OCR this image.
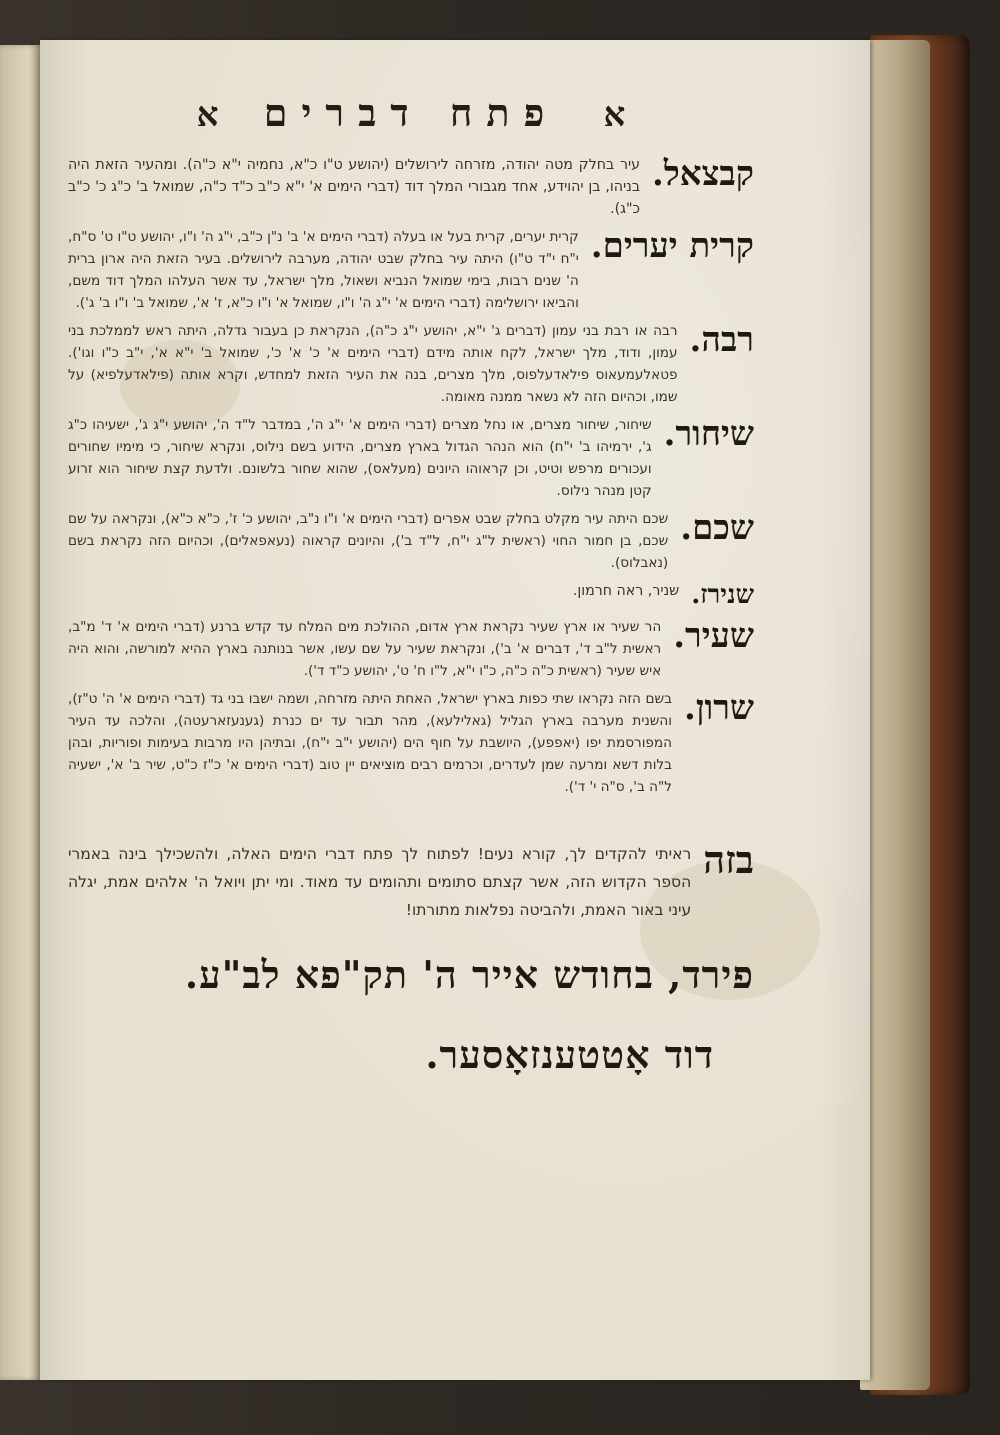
א פתח דברים א
קבצאל.
עיר בחלק מטה יהודה, מזרחה לירושלים (יהושע ט"ו כ"א, נחמיה י"א כ"ה). ומהעיר הזאת היה בניהו, בן יהוידע, אחד מגבורי המלך דוד (דברי הימים א' י"א כ"ב כ"ד כ"ה, שמואל ב' כ"ג כ' כ"ב כ"ג).
קרית יערים.
קרית יערים, קרית בעל או בעלה (דברי הימים א' ב' נ"ן כ"ב, י"ג ה' ו"ו, יהושע ט"ו ט' ס"ח, י"ח י"ד ט"ו) היתה עיר בחלק שבט יהודה, מערבה לירושלים. בעיר הזאת היה ארון ברית ה' שנים רבות, בימי שמואל הנביא ושאול, מלך ישראל, עד אשר העלהו המלך דוד משם, והביאו ירושלימה (דברי הימים א' י"ג ה' ו"ו, שמואל א' ו"ו כ"א, ז' א', שמואל ב' ו"ו ב' ג').
רבה.
רבה או רבת בני עמון (דברים ג' י"א, יהושע י"ג כ"ה), הנקראת כן בעבור גדלה, היתה ראש לממלכת בני עמון, ודוד, מלך ישראל, לקח אותה מידם (דברי הימים א' כ' א' כ', שמואל ב' י"א א', י"ב כ"ו וגו'). פטאלעמעאוס פילאדעלפוס, מלך מצרים, בנה את העיר הזאת למחדש, וקרא אותה (פילאדעלפיא) על שמו, וכהיום הזה לא נשאר ממנה מאומה.
שיחור.
שיחור, שיחור מצרים, או נחל מצרים (דברי הימים א' י"ג ה', במדבר ל"ד ה', יהושע י"ג ג', ישעיהו כ"ג ג', ירמיהו ב' י"ח) הוא הנהר הגדול בארץ מצרים, הידוע בשם נילוס, ונקרא שיחור, כי מימיו שחורים ועכורים מרפש וטיט, וכן קראוהו היונים (מעלאס), שהוא שחור בלשונם. ולדעת קצת שיחור הוא זרוע קטן מנהר נילוס.
שכם.
שכם היתה עיר מקלט בחלק שבט אפרים (דברי הימים א' ו"ו נ"ב, יהושע כ' ז', כ"א כ"א), ונקראה על שם שכם, בן חמור החוי (ראשית ל"ג י"ח, ל"ד ב'), והיונים קראוה (נעאפאלים), וכהיום הזה נקראת בשם (נאבלוס).
שנירז.
שניר, ראה חרמון.
שעיר.
הר שעיר או ארץ שעיר נקראת ארץ אדום, ההולכת מים המלח עד קדש ברנע (דברי הימים א' ד' מ"ב, ראשית ל"ב ד', דברים א' ב'), ונקראת שעיר על שם עשו, אשר בנותנה בארץ ההיא למורשה, והוא היה איש שעיר (ראשית כ"ה כ"ה, כ"ו י"א, ל"ו ח' ט', יהושע כ"ד ד').
שרון.
בשם הזה נקראו שתי כפות בארץ ישראל, האחת היתה מזרחה, ושמה ישבו בני גד (דברי הימים א' ה' ט"ז), והשנית מערבה בארץ הגליל (גאלילעא), מהר תבור עד ים כנרת (גענעזארעטה), והלכה עד העיר המפורסמת יפו (יאפפע), היושבת על חוף הים (יהושע י"ב י"ח), ובתיהן היו מרבות בעימות ופוריות, ובהן בלות דשא ומרעה שמן לעדרים, וכרמים רבים מוציאים יין טוב (דברי הימים א' כ"ז כ"ט, שיר ב' א', ישעיה ל"ה ב', ס"ה י' ד').
בזה
ראיתי להקדים לך, קורא נעים! לפתוח לך פתח דברי הימים האלה, ולהשכילך בינה באמרי הספר הקדוש הזה, אשר קצתם סתומים ותהומים עד מאוד. ומי יתן ויואל ה' אלהים אמת, יגלה עיני באור האמת, ולהביטה נפלאות מתורתו!
פירד, בחודש אייר ה' תק"פא לב"ע.
דוד אָטטענזאָסער.
